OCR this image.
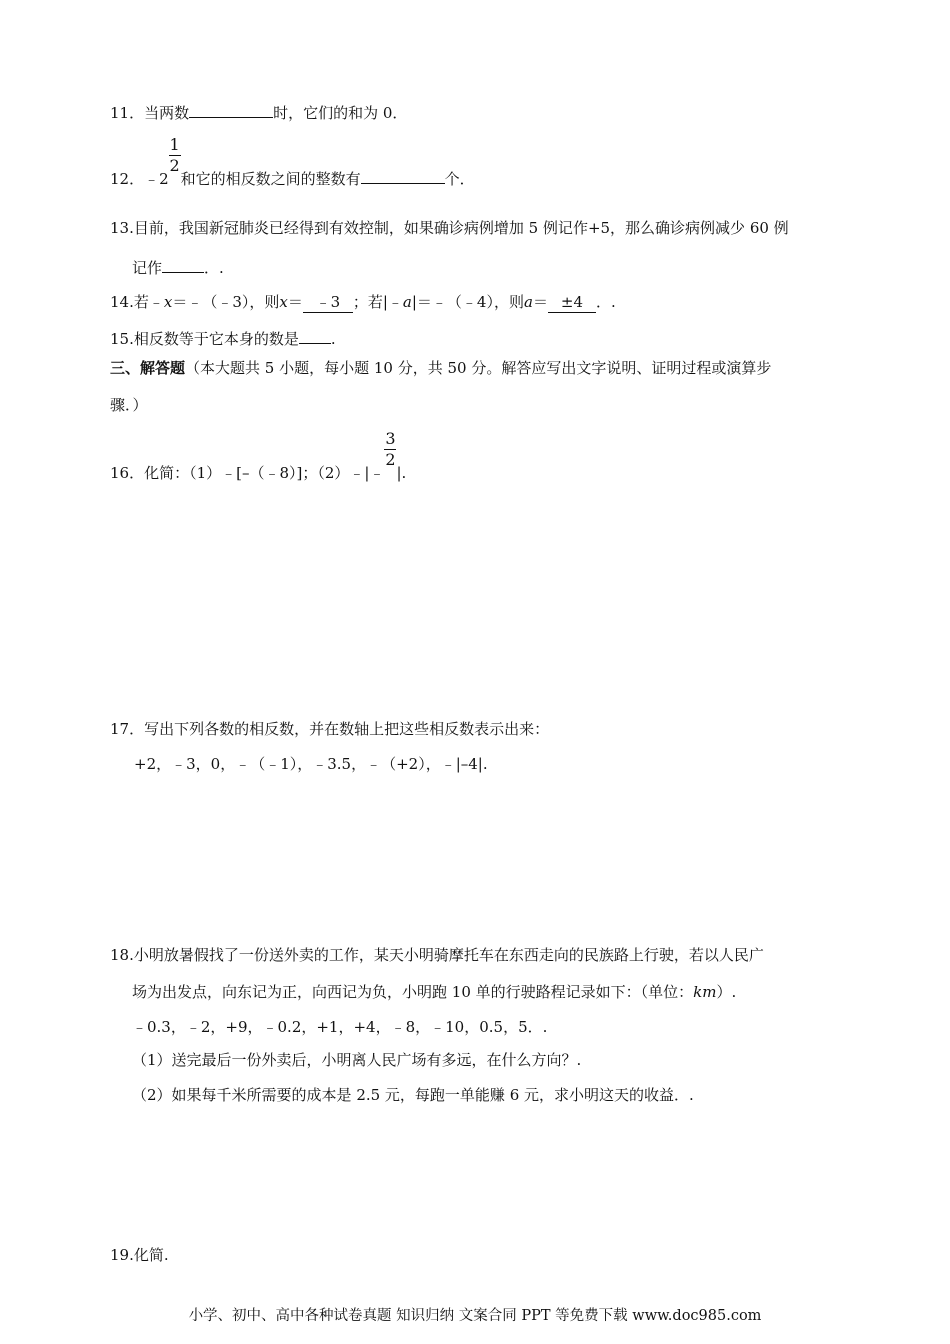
11．当两数	时，它们的和为 0．
12．﹣2
$\frac{1}{2}$
和它的相反数之间的整数有	个．
13.目前，我国新冠肺炎已经得到有效控制，如果确诊病例增加 5 例记作+5，那么确诊病例减少 60 例
记作	．.
14.若﹣x＝﹣（﹣3），则x＝ ﹣3 ；若|﹣a|＝﹣（﹣4），则a＝ ±4 ．.
15.相反数等于它本身的数是 .
三、解答题（本大题共 5 小题，每小题 10 分，共 50 分。解答应写出文字说明、证明过程或演算步
骤．）
16．化简：（1）﹣[–（﹣8）]；（2）﹣|﹣
$\frac{3}{2}$
|.
17．写出下列各数的相反数，并在数轴上把这些相反数表示出来：
+2，﹣3，0，﹣（﹣1），﹣3.5，﹣（+2），﹣|–4|.
18.小明放暑假找了一份送外卖的工作，某天小明骑摩托车在东西走向的民族路上行驶，若以人民广
场为出发点，向东记为正，向西记为负，小明跑 10 单的行驶路程记录如下：（单位：km）.
﹣0.3，﹣2，+9，﹣0.2，+1，+4，﹣8，﹣10，0.5，5．.
（1）送完最后一份外卖后，小明离人民广场有多远，在什么方向？.
（2）如果每千米所需要的成本是 2.5 元，每跑一单能赚 6 元，求小明这天的收益．.
19.化简.
小学、初中、高中各种试卷真题 知识归纳 文案合同 PPT 等免费下载 www.doc985.com
